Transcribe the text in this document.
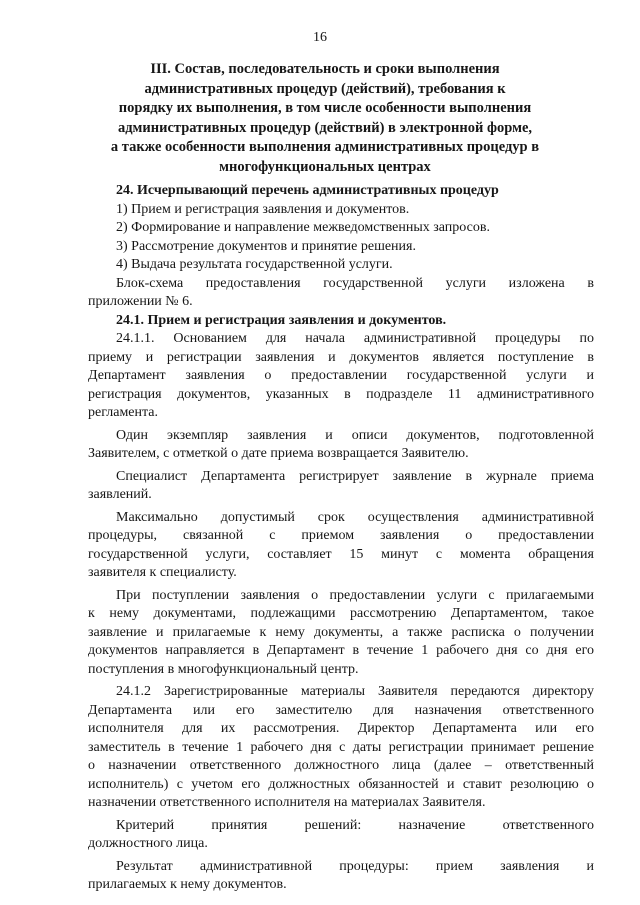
16
III. Состав, последовательность и сроки выполнения
административных процедур (действий), требования к
порядку их выполнения, в том числе особенности выполнения
административных процедур (действий) в электронной форме,
а также особенности выполнения административных процедур в
многофункциональных центрах
24. Исчерпывающий перечень административных процедур
1) Прием и регистрация заявления и документов.
2) Формирование и направление межведомственных запросов.
3) Рассмотрение документов и принятие решения.
4) Выдача результата государственной услуги.
Блок-схема предоставления государственной услуги изложена в
приложении № 6.
24.1. Прием и регистрация заявления и документов.
24.1.1. Основанием для начала административной процедуры по
приему и регистрации заявления и документов является поступление в
Департамент заявления о предоставлении государственной услуги и
регистрация документов, указанных в подразделе 11 административного
регламента.
Один экземпляр заявления и описи документов, подготовленной
Заявителем, с отметкой о дате приема возвращается Заявителю.
Специалист Департамента регистрирует заявление в журнале приема
заявлений.
Максимально допустимый срок осуществления административной
процедуры, связанной с приемом заявления о предоставлении
государственной услуги, составляет 15 минут с момента обращения
заявителя к специалисту.
При поступлении заявления о предоставлении услуги с прилагаемыми
к нему документами, подлежащими рассмотрению Департаментом, такое
заявление и прилагаемые к нему документы, а также расписка о получении
документов направляется в Департамент в течение 1 рабочего дня со дня его
поступления в многофункциональный центр.
24.1.2 Зарегистрированные материалы Заявителя передаются директору
Департамента или его заместителю для назначения ответственного
исполнителя для их рассмотрения. Директор Департамента или его
заместитель в течение 1 рабочего дня с даты регистрации принимает решение
о назначении ответственного должностного лица (далее – ответственный
исполнитель) с учетом его должностных обязанностей и ставит резолюцию о
назначении ответственного исполнителя на материалах Заявителя.
Критерий принятия решений: назначение ответственного
должностного лица.
Результат административной процедуры: прием заявления и
прилагаемых к нему документов.
